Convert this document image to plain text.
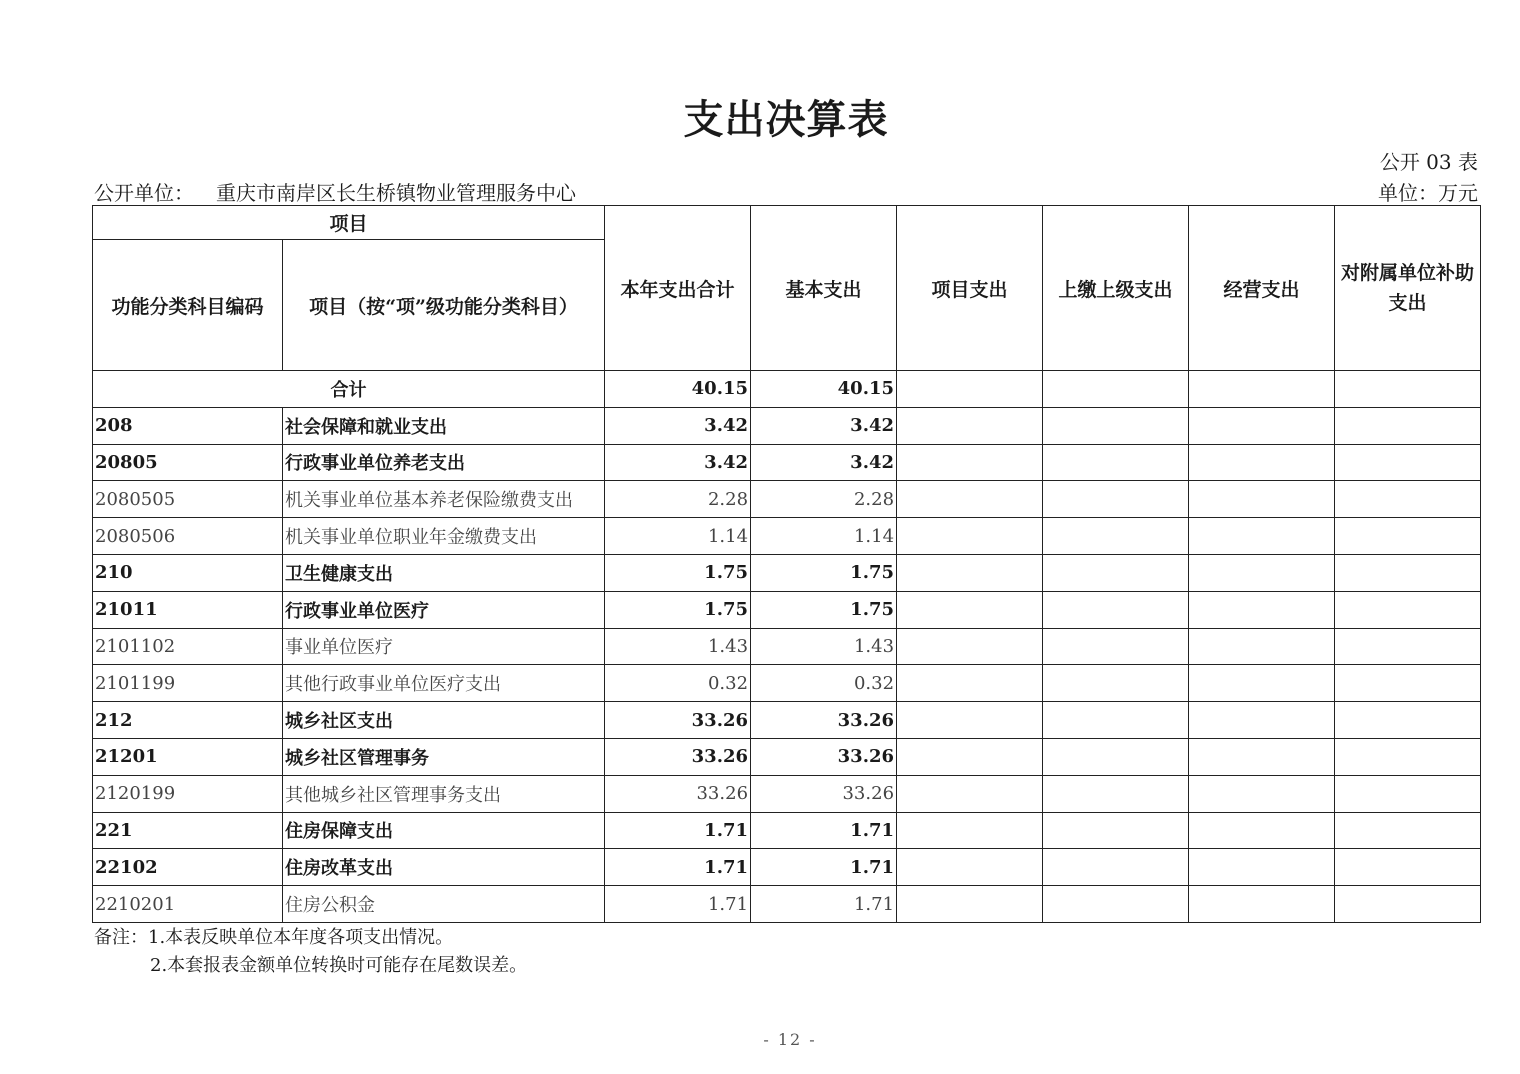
支出决算表
公开 03 表
公开单位： 重庆市南岸区长生桥镇物业管理服务中心	单位：万元
项目		本年支出合计	基本支出	项目支出	上缴上级支出	经营支出	对附属单位补助支出
功能分类科目编码	项目（按“项”级功能分类科目）						
合计		40.15	40.15				
208	社会保障和就业支出	3.42	3.42				
20805	行政事业单位养老支出	3.42	3.42				
2080505	机关事业单位基本养老保险缴费支出	2.28	2.28				
2080506	机关事业单位职业年金缴费支出	1.14	1.14				
210	卫生健康支出	1.75	1.75				
21011	行政事业单位医疗	1.75	1.75				
2101102	事业单位医疗	1.43	1.43				
2101199	其他行政事业单位医疗支出	0.32	0.32				
212	城乡社区支出	33.26	33.26				
21201	城乡社区管理事务	33.26	33.26				
2120199	其他城乡社区管理事务支出	33.26	33.26				
221	住房保障支出	1.71	1.71				
22102	住房改革支出	1.71	1.71				
2210201	住房公积金	1.71	1.71				
备注：1.本表反映单位本年度各项支出情况。
2.本套报表金额单位转换时可能存在尾数误差。
- 12 -
